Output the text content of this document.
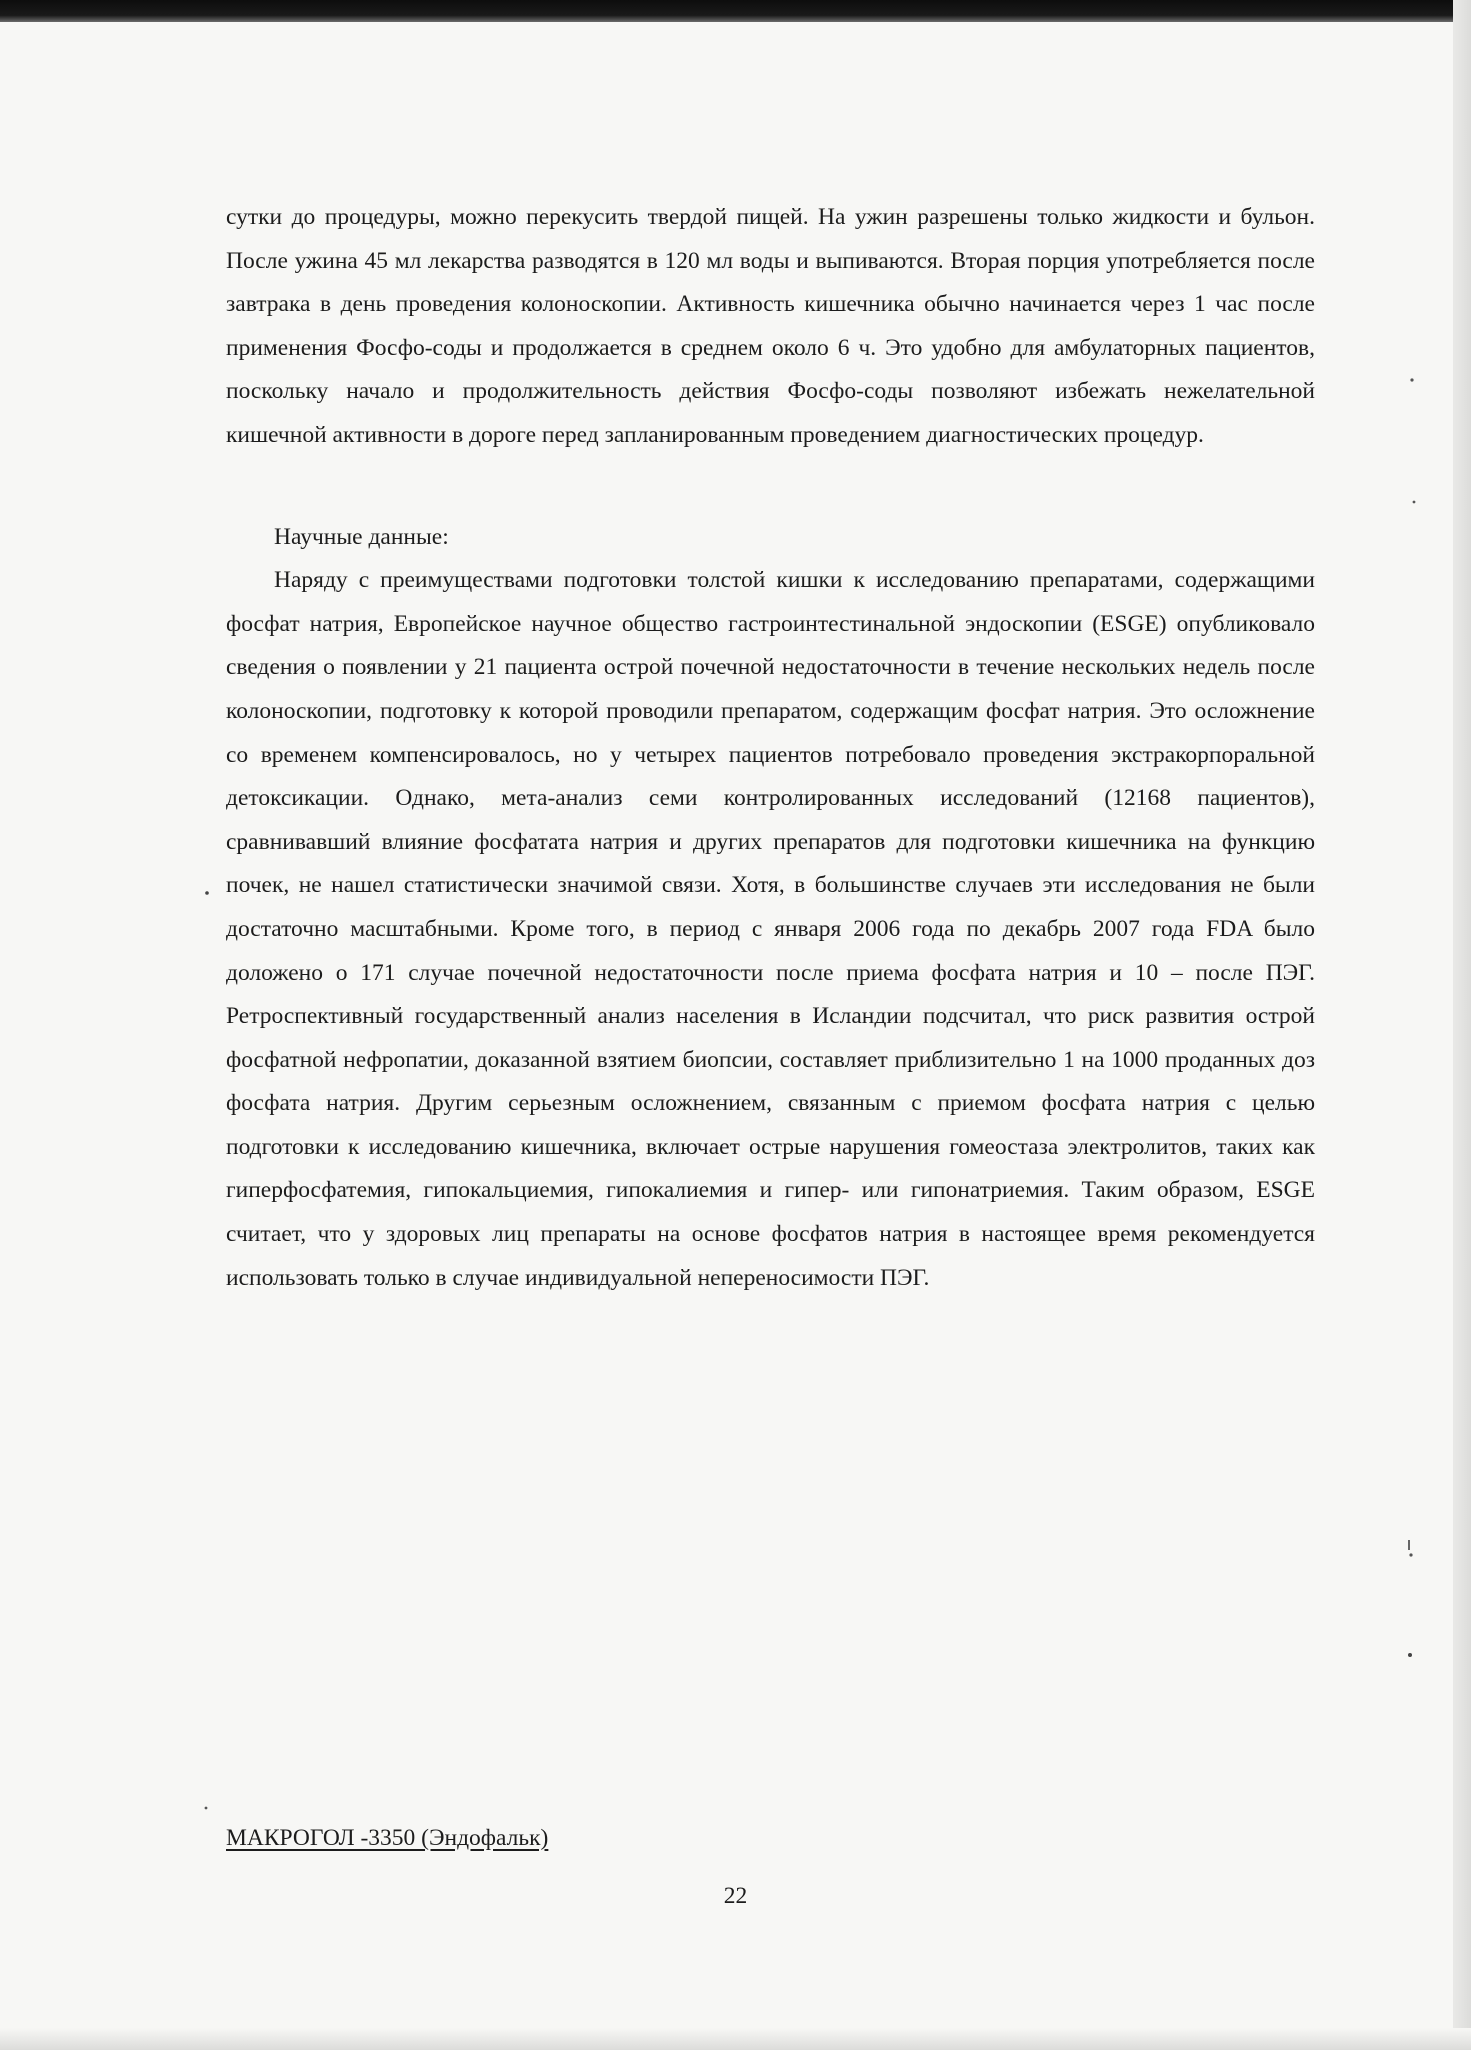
сутки до процедуры, можно перекусить твердой пищей. На ужин разрешены только жидкости и бульон. После ужина 45 мл лекарства разводятся в 120 мл воды и выпиваются. Вторая порция употребляется после завтрака в день проведения колоноскопии. Активность кишечника обычно начинается через 1 час после применения Фосфо-соды и продолжается в среднем около 6 ч. Это удобно для амбулаторных пациентов, поскольку начало и продолжительность действия Фосфо-соды позволяют избежать нежелательной кишечной активности в дороге перед запланированным проведением диагностических процедур.

Научные данные:

Наряду с преимуществами подготовки толстой кишки к исследованию препаратами, содержащими фосфат натрия, Европейское научное общество гастроинтестинальной эндоскопии (ESGE) опубликовало сведения о появлении у 21 пациента острой почечной недостаточности в течение нескольких недель после колоноскопии, подготовку к которой проводили препаратом, содержащим фосфат натрия. Это осложнение со временем компенсировалось, но у четырех пациентов потребовало проведения экстракорпоральной детоксикации. Однако, мета-анализ семи контролированных исследований (12168 пациентов), сравнивавший влияние фосфатата натрия и других препаратов для подготовки кишечника на функцию почек, не нашел статистически значимой связи. Хотя, в большинстве случаев эти исследования не были достаточно масштабными. Кроме того, в период с января 2006 года по декабрь 2007 года FDA было доложено о 171 случае почечной недостаточности после приема фосфата натрия и 10 – после ПЭГ. Ретроспективный государственный анализ населения в Исландии подсчитал, что риск развития острой фосфатной нефропатии, доказанной взятием биопсии, составляет приблизительно 1 на 1000 проданных доз фосфата натрия. Другим серьезным осложнением, связанным с приемом фосфата натрия с целью подготовки к исследованию кишечника, включает острые нарушения гомеостаза электролитов, таких как гиперфосфатемия, гипокальциемия, гипокалиемия и гипер- или гипонатриемия. Таким образом, ESGE считает, что у здоровых лиц препараты на основе фосфатов натрия в настоящее время рекомендуется использовать только в случае индивидуальной непереносимости ПЭГ.

МАКРОГОЛ -3350 (Эндофальк)
22
